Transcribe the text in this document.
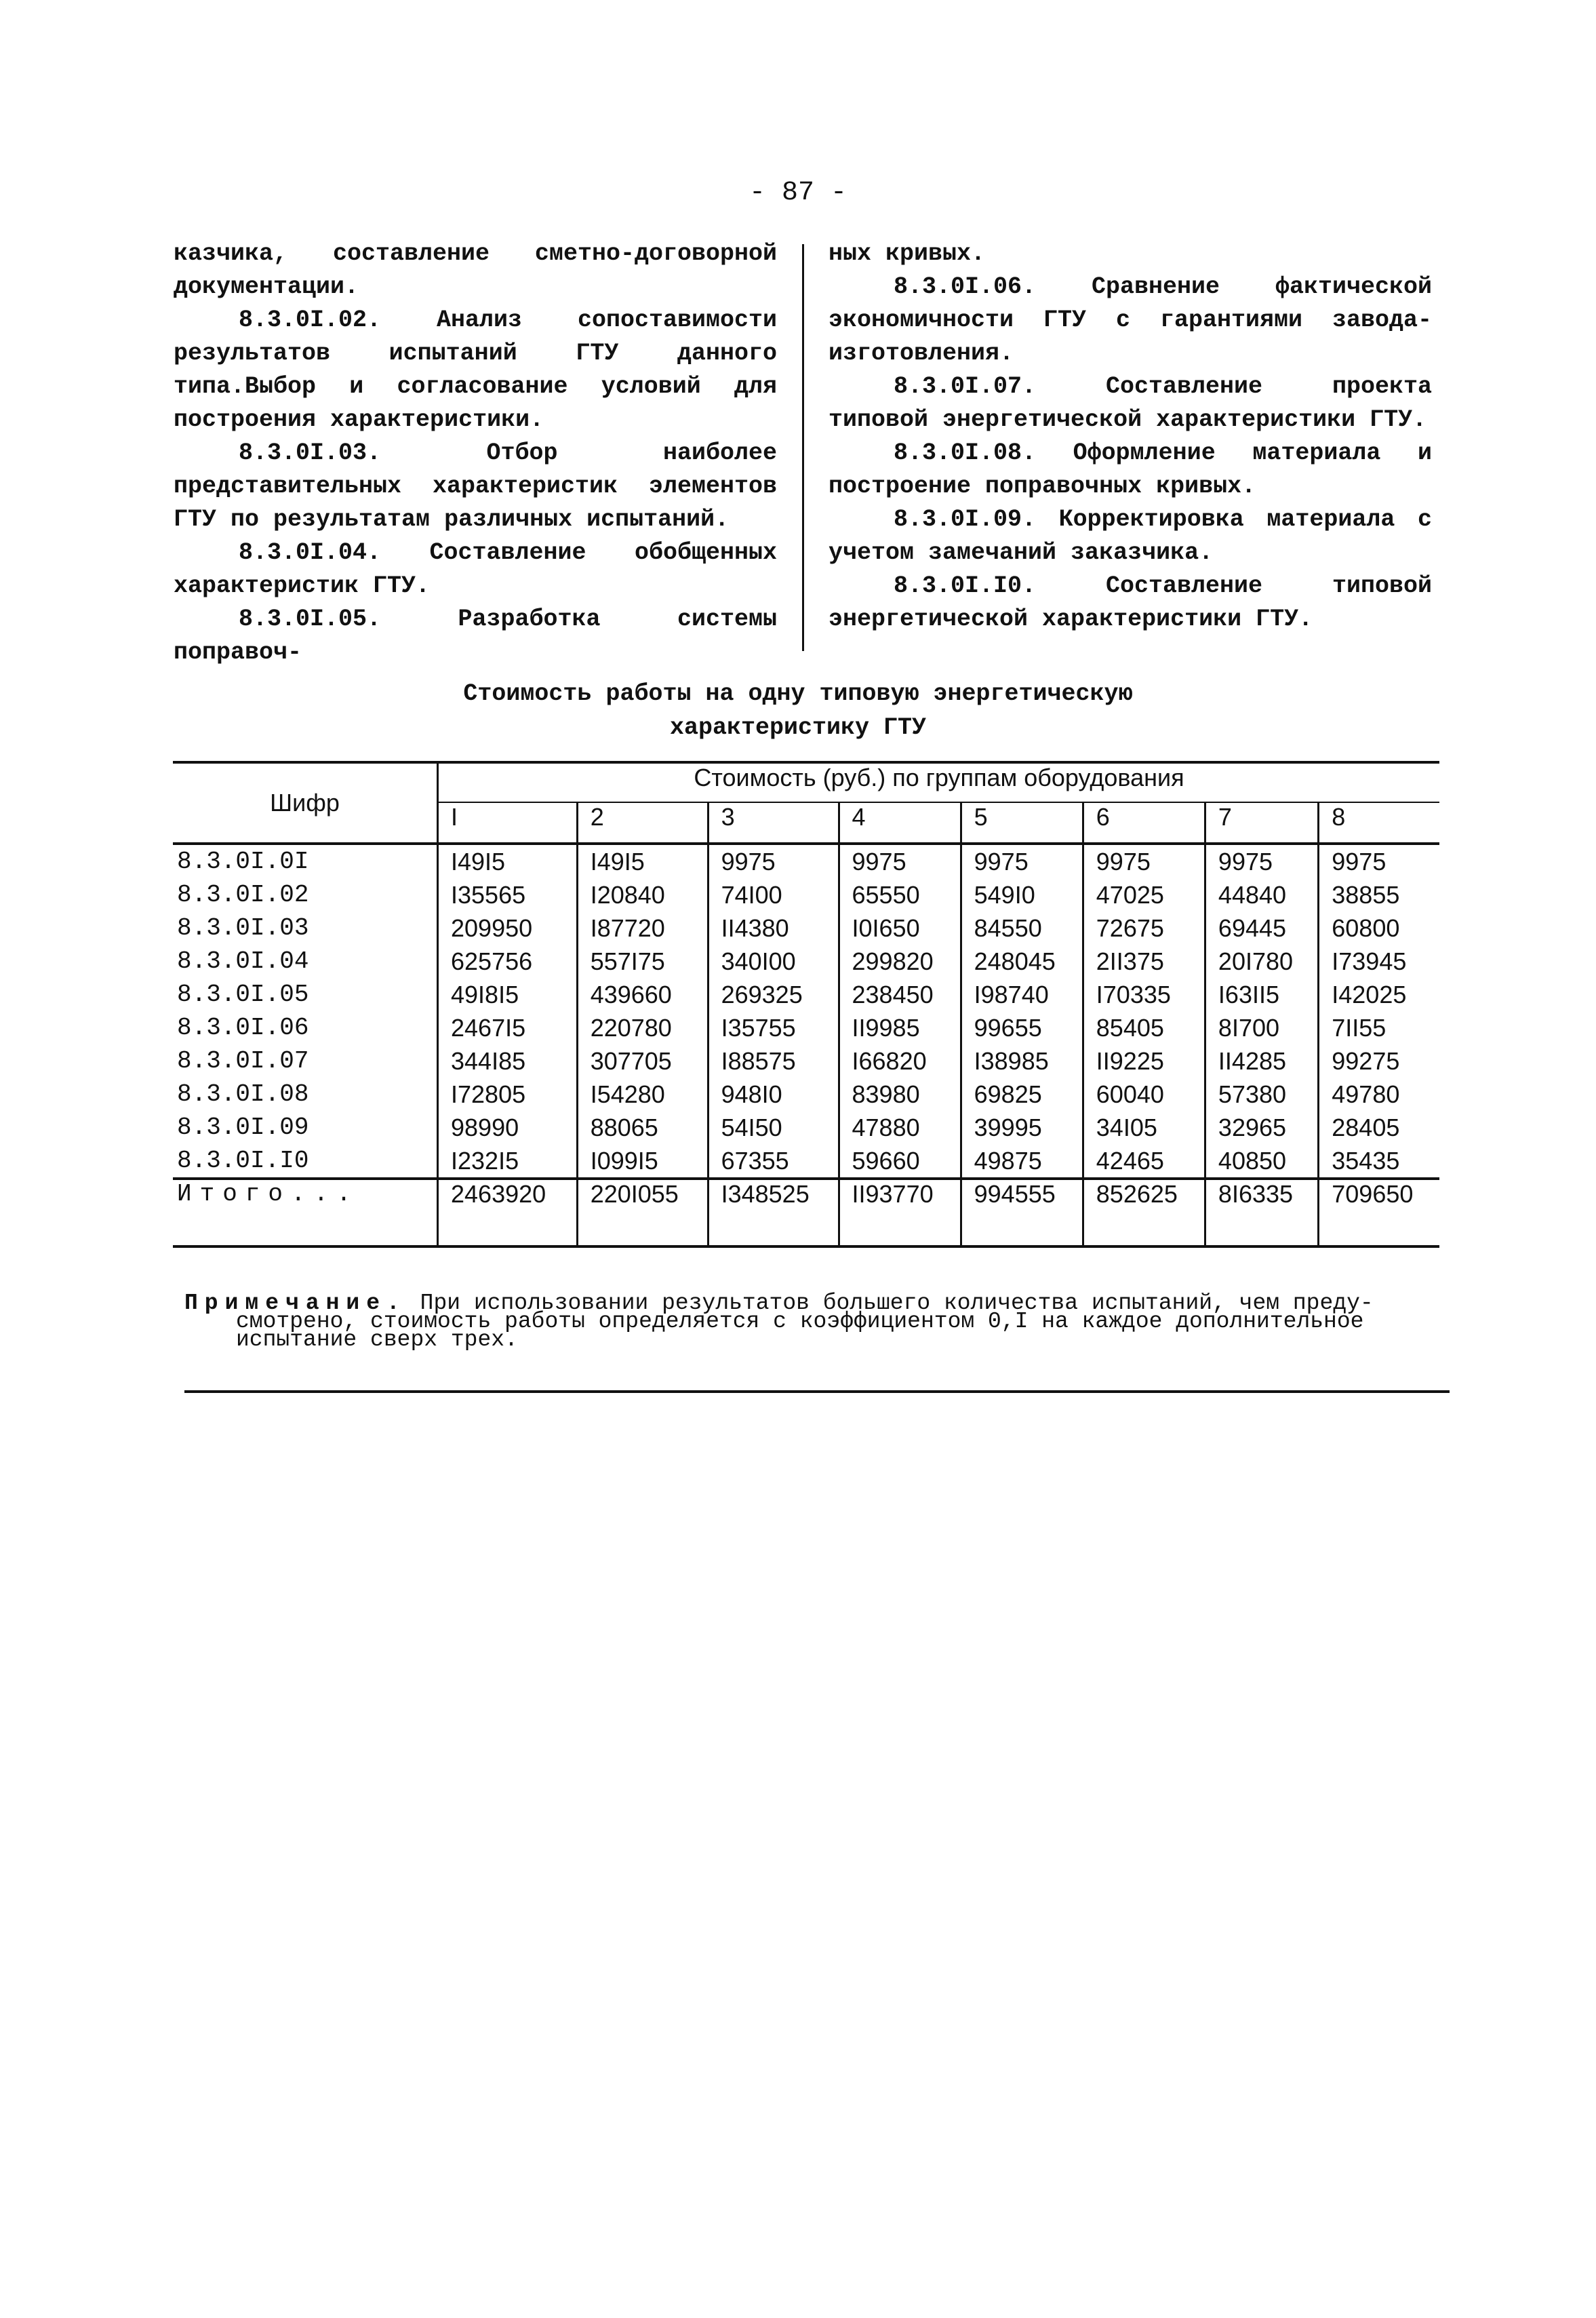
- 87 -

казчика, составление сметно-договорной документации.

8.3.0I.02. Анализ сопоставимости результатов испытаний ГТУ данного типа.Выбор и согласование условий для построения характеристики.

8.3.0I.03. Отбор наиболее представительных характеристик элементов ГТУ по результатам различных испытаний.

8.3.0I.04. Составление обобщенных характеристик ГТУ.

8.3.0I.05. Разработка системы поправоч-

ных кривых.

8.3.0I.06. Сравнение фактической экономичности ГТУ с гарантиями завода-изготовления.

8.3.0I.07. Составление проекта типовой энергетической характеристики ГТУ.

8.3.0I.08. Оформление материала и построение поправочных кривых.

8.3.0I.09. Корректировка материала с учетом замечаний заказчика.

8.3.0I.I0. Составление типовой энергетической характеристики ГТУ.

Стоимость работы на одну типовую энергетическую
характеристику ГТУ
Шифр	Стоимость (руб.) по группам оборудования							
	I	2	3	4	5	6	7	8
8.3.0I.0I	I49I5	I49I5	9975	9975	9975	9975	9975	9975
8.3.0I.02	I35565	I20840	74I00	65550	549I0	47025	44840	38855
8.3.0I.03	209950	I87720	II4380	I0I650	84550	72675	69445	60800
8.3.0I.04	625756	557I75	340I00	299820	248045	2II375	20I780	I73945
8.3.0I.05	49I8I5	439660	269325	238450	I98740	I70335	I63II5	I42025
8.3.0I.06	2467I5	220780	I35755	II9985	99655	85405	8I700	7II55
8.3.0I.07	344I85	307705	I88575	I66820	I38985	II9225	II4285	99275
8.3.0I.08	I72805	I54280	948I0	83980	69825	60040	57380	49780
8.3.0I.09	98990	88065	54I50	47880	39995	34I05	32965	28405
8.3.0I.I0	I232I5	I099I5	67355	59660	49875	42465	40850	35435
Итого...	2463920	220I055	I348525	II93770	994555	852625	8I6335	709650
Примечание. При использовании результатов большего количества испытаний, чем преду-
смотрено, стоимость работы определяется с коэффициентом 0,I на каждое дополнительное
испытание сверх трех.
